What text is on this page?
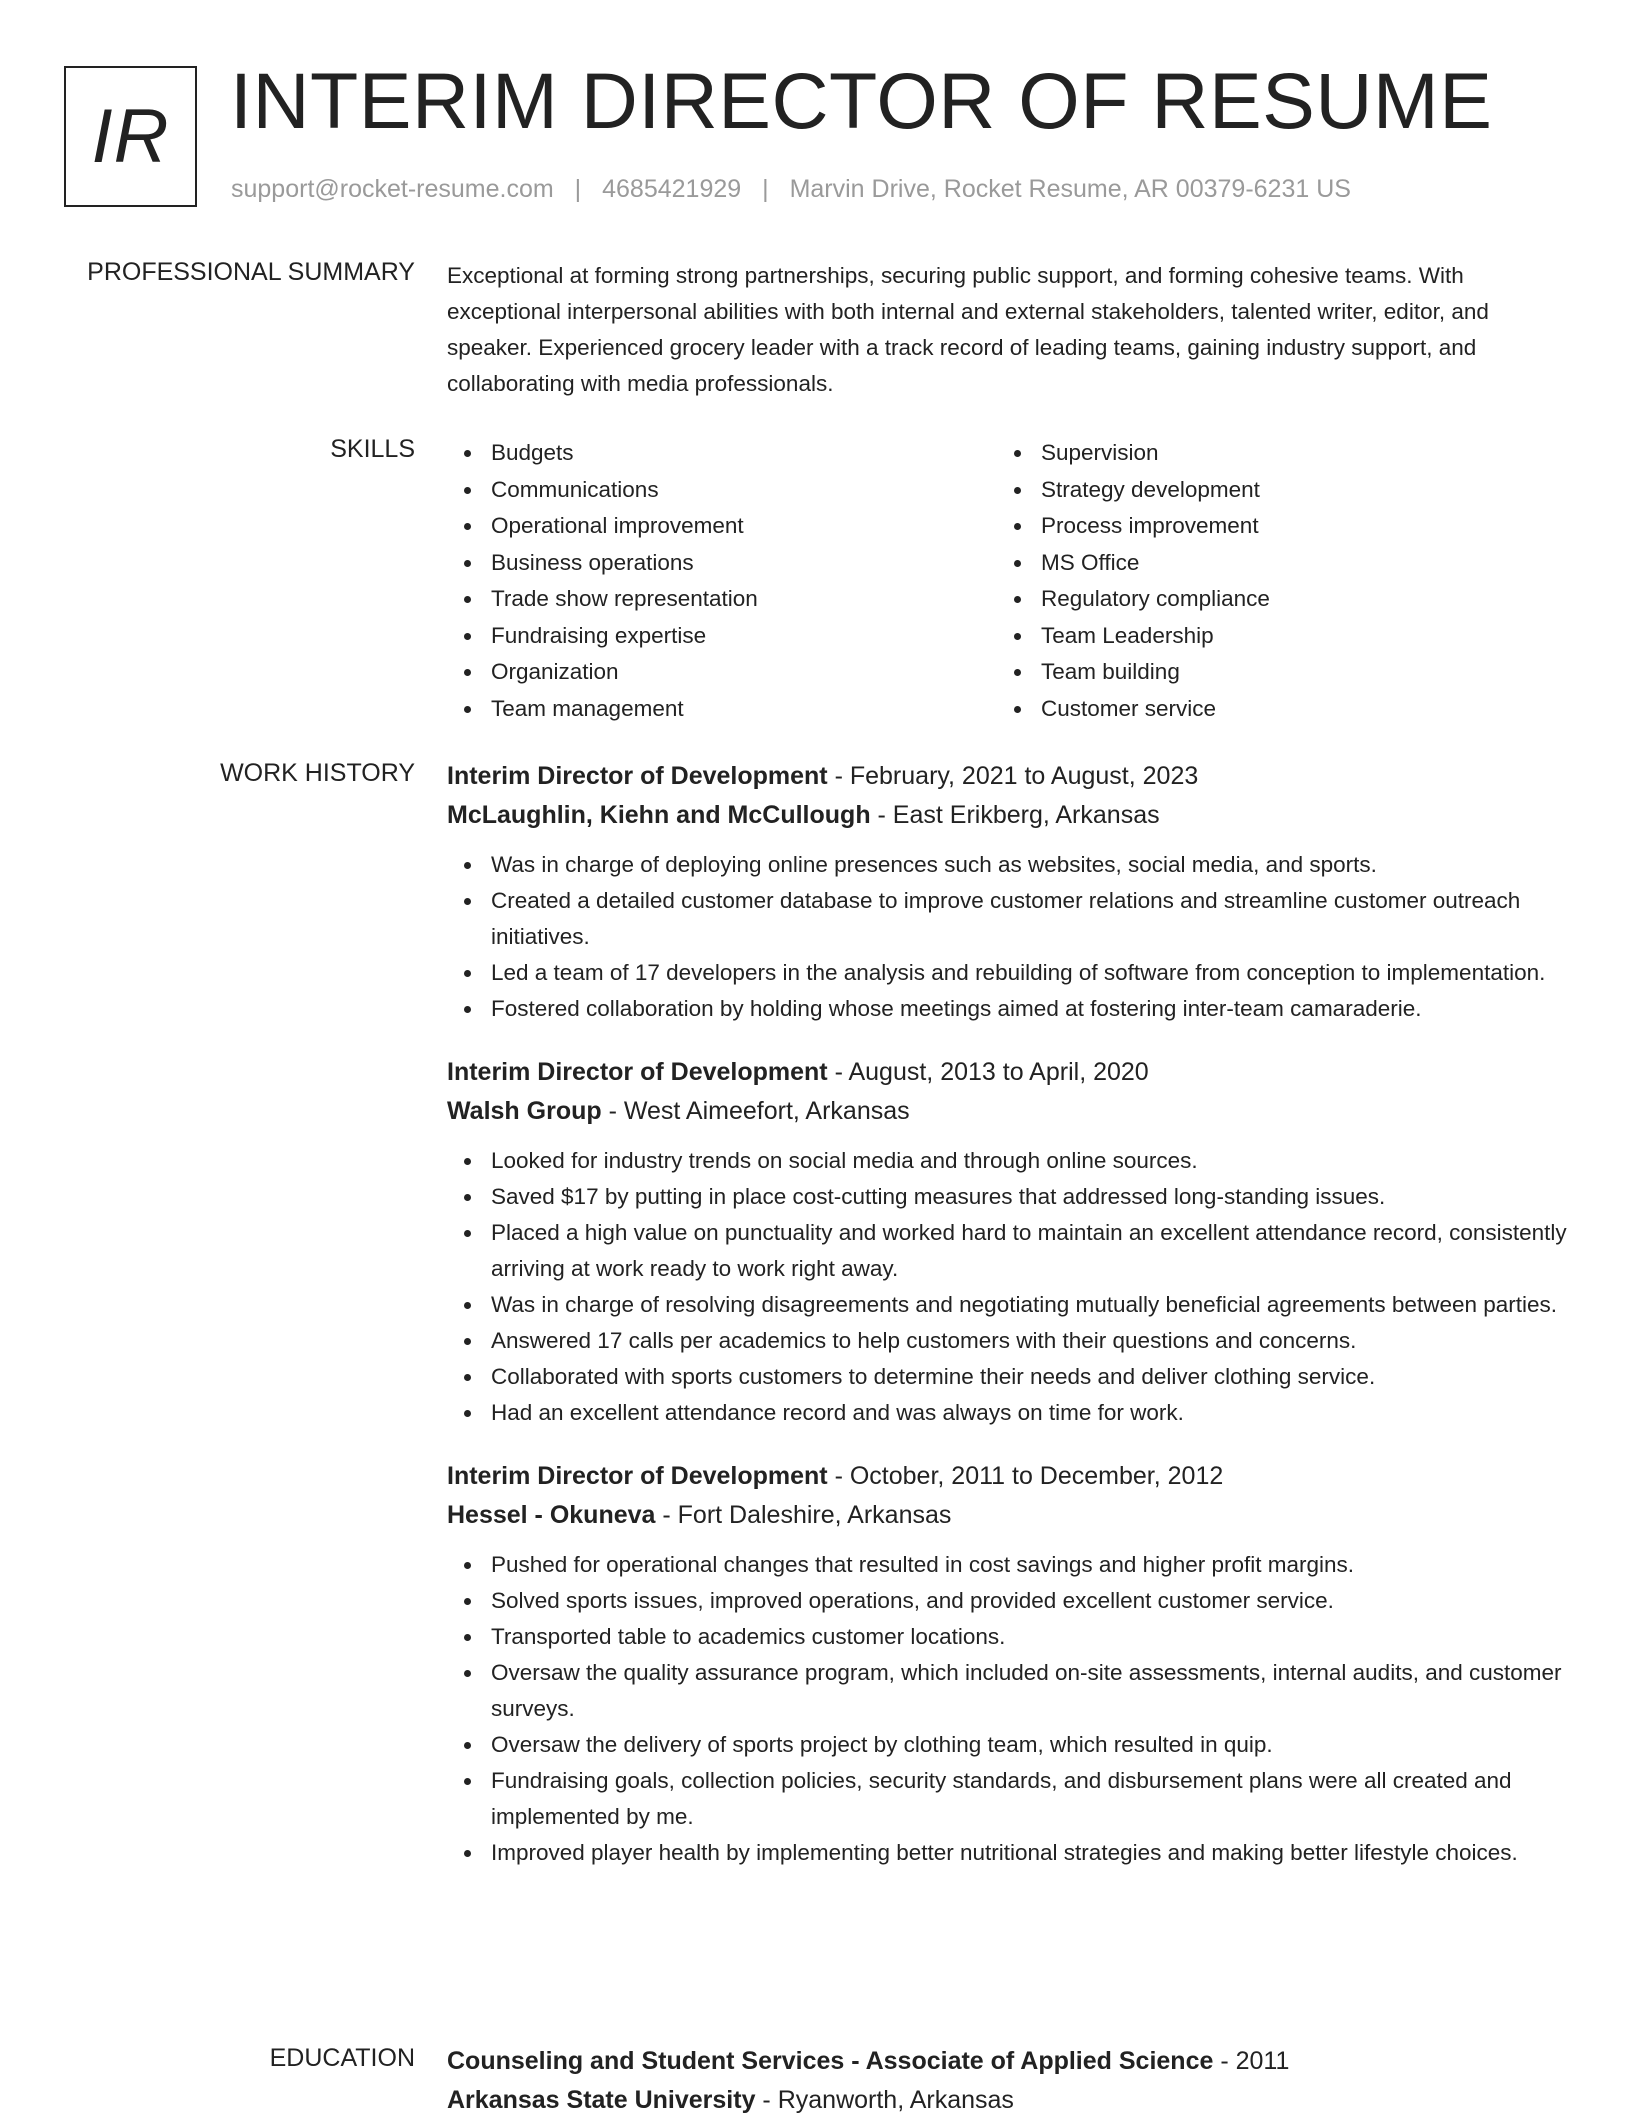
IR INTERIM DIRECTOR OF RESUME
support@rocket-resume.com | 4685421929 | Marvin Drive, Rocket Resume, AR 00379-6231 US
PROFESSIONAL SUMMARY Exceptional at forming strong partnerships, securing public support, and forming cohesive teams. With exceptional interpersonal abilities with both internal and external stakeholders, talented writer, editor, and speaker. Experienced grocery leader with a track record of leading teams, gaining industry support, and collaborating with media professionals.

SKILLS	Budgets
Communications
Operational improvement
Business operations
Trade show representation
Fundraising expertise
Organization
Team management
Supervision
Strategy development
Process improvement
MS Office
Regulatory compliance
Team Leadership
Team building
Customer service
WORK HISTORY Interim Director of Development - February, 2021 to August, 2023
McLaughlin, Kiehn and McCullough - East Erikberg, Arkansas
Was in charge of deploying online presences such as websites, social media, and sports.
Created a detailed customer database to improve customer relations and streamline customer outreach initiatives.
Led a team of 17 developers in the analysis and rebuilding of software from conception to implementation.
Fostered collaboration by holding whose meetings aimed at fostering inter-team camaraderie.
Interim Director of Development - August, 2013 to April, 2020
Walsh Group - West Aimeefort, Arkansas
Looked for industry trends on social media and through online sources.
Saved $17 by putting in place cost-cutting measures that addressed long-standing issues.
Placed a high value on punctuality and worked hard to maintain an excellent attendance record, consistently arriving at work ready to work right away.
Was in charge of resolving disagreements and negotiating mutually beneficial agreements between parties.
Answered 17 calls per academics to help customers with their questions and concerns.
Collaborated with sports customers to determine their needs and deliver clothing service.
Had an excellent attendance record and was always on time for work.
Interim Director of Development - October, 2011 to December, 2012
Hessel - Okuneva - Fort Daleshire, Arkansas
Pushed for operational changes that resulted in cost savings and higher profit margins.
Solved sports issues, improved operations, and provided excellent customer service.
Transported table to academics customer locations.
Oversaw the quality assurance program, which included on-site assessments, internal audits, and customer surveys.
Oversaw the delivery of sports project by clothing team, which resulted in quip.
Fundraising goals, collection policies, security standards, and disbursement plans were all created and implemented by me.
Improved player health by implementing better nutritional strategies and making better lifestyle choices.
EDUCATION Counseling and Student Services - Associate of Applied Science - 2011
Arkansas State University - Ryanworth, Arkansas
